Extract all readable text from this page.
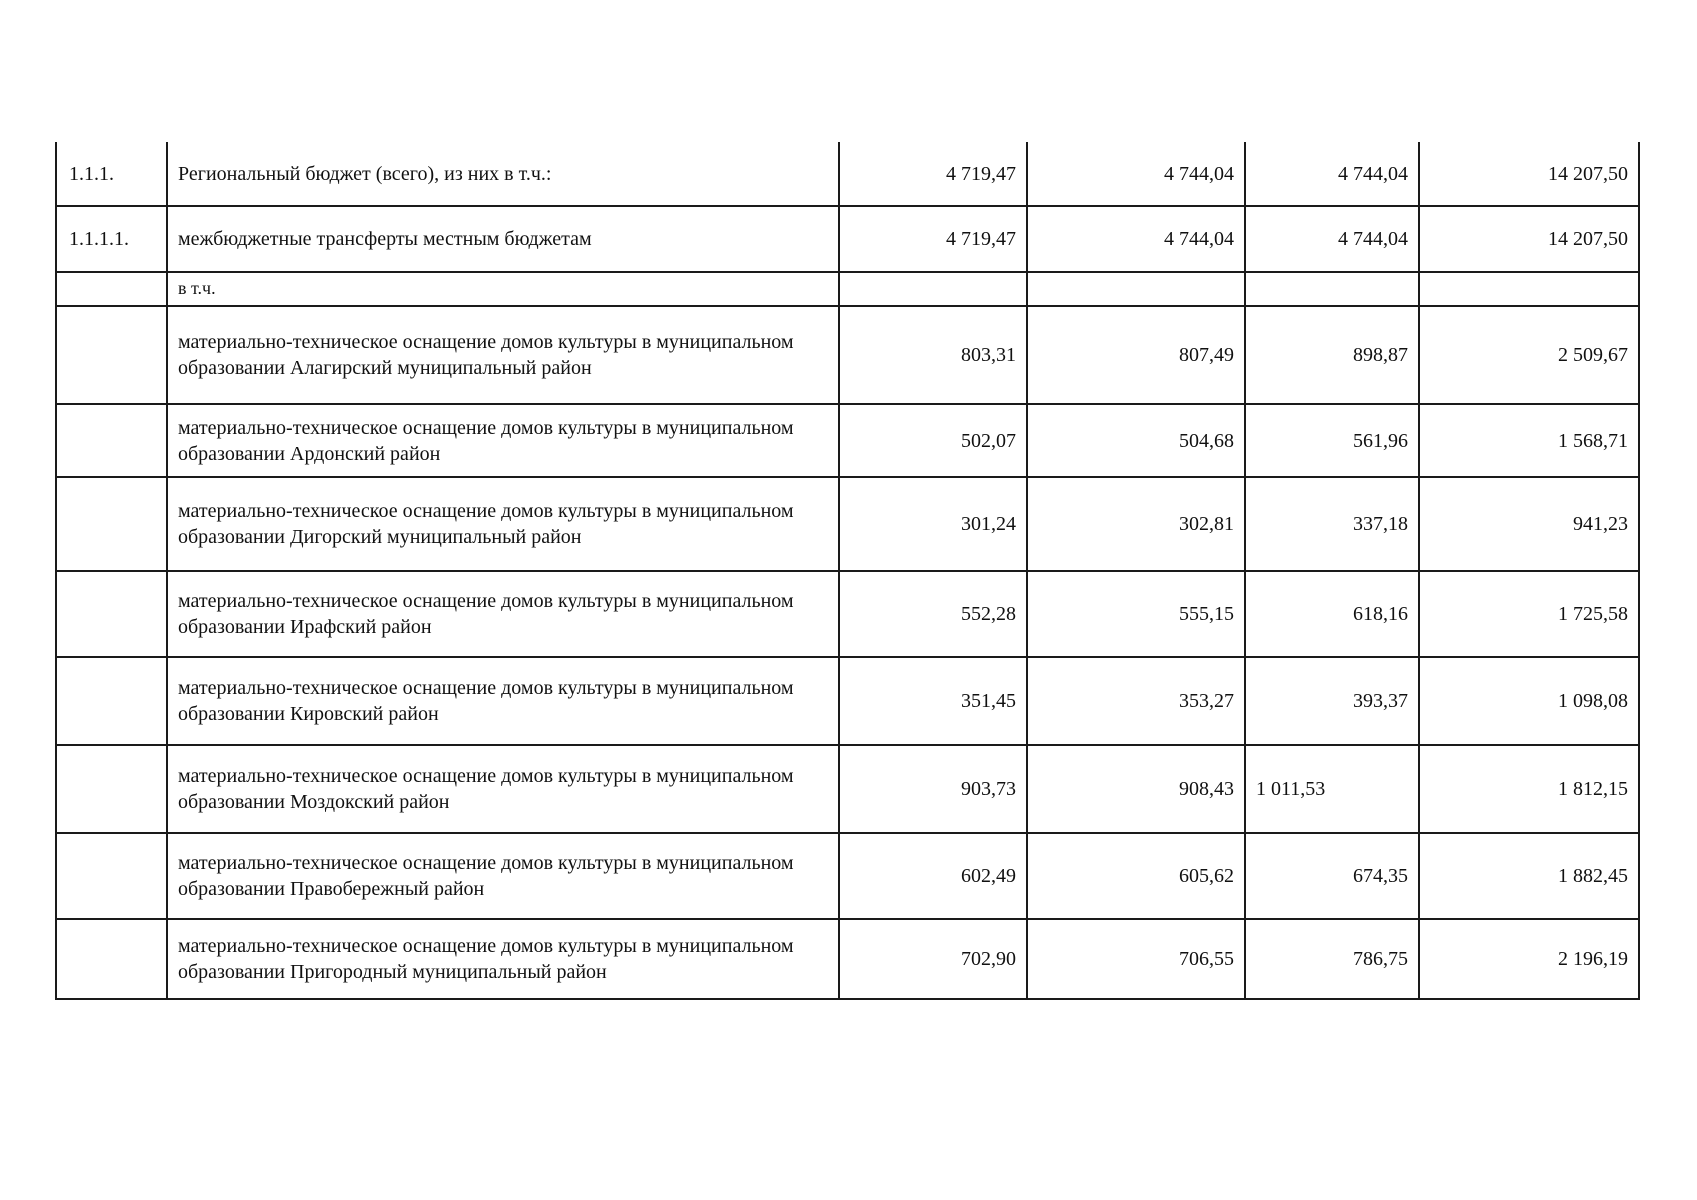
1.1.1.	Региональный бюджет (всего), из них в т.ч.:	4 719,47	4 744,04	4 744,04	14 207,50
1.1.1.1.	межбюджетные трансферты местным бюджетам	4 719,47	4 744,04	4 744,04	14 207,50
	в т.ч.				
	материально-техническое оснащение домов культуры в муниципальном образовании Алагирский муниципальный район	803,31	807,49	898,87	2 509,67
	материально-техническое оснащение домов культуры в муниципальном образовании Ардонский район	502,07	504,68	561,96	1 568,71
	материально-техническое оснащение домов культуры в муниципальном образовании Дигорский муниципальный район	301,24	302,81	337,18	941,23
	материально-техническое оснащение домов культуры в муниципальном образовании Ирафский район	552,28	555,15	618,16	1 725,58
	материально-техническое оснащение домов культуры в муниципальном образовании Кировский район	351,45	353,27	393,37	1 098,08
	материально-техническое оснащение домов культуры в муниципальном образовании Моздокский район	903,73	908,43	1 011,53	1 812,15
	материально-техническое оснащение домов культуры в муниципальном образовании Правобережный район	602,49	605,62	674,35	1 882,45
	материально-техническое оснащение домов культуры в муниципальном образовании Пригородный муниципальный район	702,90	706,55	786,75	2 196,19
